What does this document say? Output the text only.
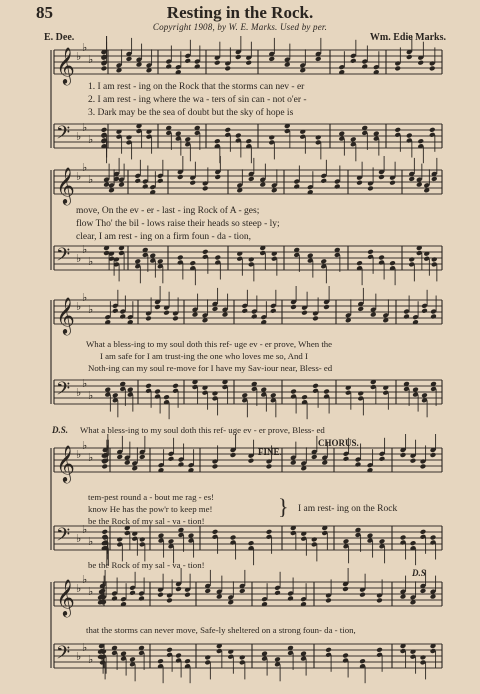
85	Resting in the Rock.
Copyright 1908, by W. E. Marks. Used by per.
E. Dee.	Wm. Edie Marks.
𝄞 ♭
♭
♭
𝄢 ♭
♭
♭
𝄞 ♭
♭
♭
𝄢 ♭
♭
♭
𝄞 ♭
♭
♭
𝄢 ♭
♭
♭
𝄞 ♭
♭
♭
𝄢 ♭
♭
♭
𝄞 ♭
♭
♭
𝄢 ♭
♭
♭
1. I am rest - ing on the Rock that the storms can nev - er
2. I am rest - ing where the wa - ters of sin can - not o'er -
3. Dark may be the sea of doubt but the sky of hope is
move, On the ev - er - last - ing Rock of A - ges;
flow Tho' the bil - lows raise their heads so steep - ly;
clear, I am rest - ing on a firm foun - da - tion,
What a bless-ing to my soul doth this ref- uge ev - er prove, When the
I am safe for I am trust-ing the one who loves me so, And I
Noth-ing can my soul re-move for I have my Sav-iour near, Bless- ed
D.S. What a bless-ing to my soul doth this ref- uge ev - er prove, Bless- ed
FINE.
CHORUS.
tem-pest round a - bout me rag - es!
know He has the pow'r to keep me!
be the Rock of my sal - va - tion!
} I am rest- ing on the Rock
be the Rock of my sal - va - tion!
D.S
that the storms can never move, Safe-ly sheltered on a strong foun- da - tion,
